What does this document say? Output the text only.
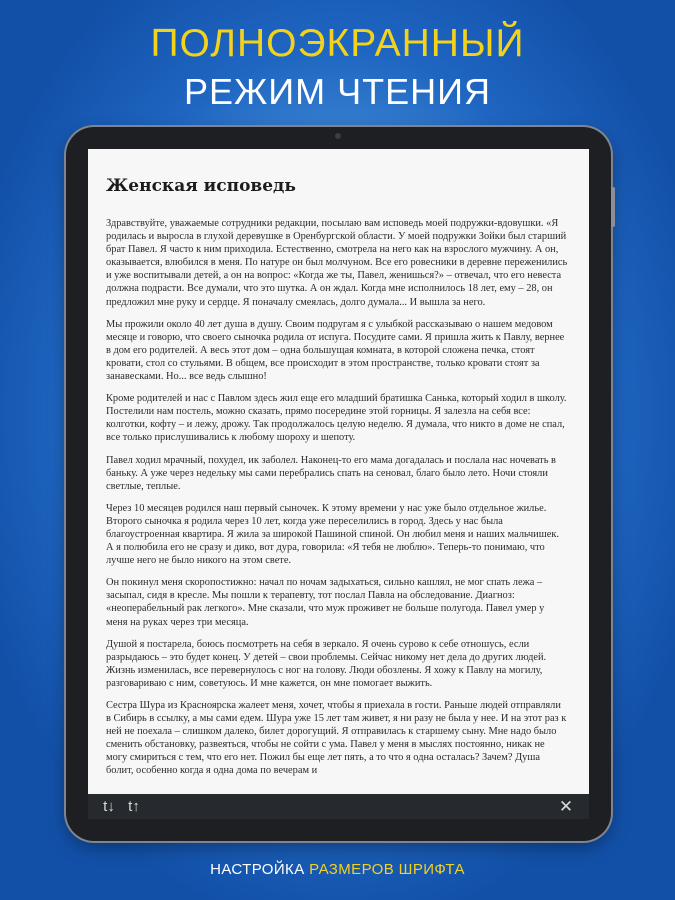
ПОЛНОЭКРАННЫЙ
РЕЖИМ ЧТЕНИЯ
Женская исповедь

Здравствуйте, уважаемые сотрудники редакции, посылаю вам исповедь моей подружки-вдовушки. «Я родилась и выросла в глухой деревушке в Оренбургской области. У моей подружки Зойки был старший брат Павел. Я часто к ним приходила. Естественно, смотрела на него как на взрослого мужчину. А он, оказывается, влюбился в меня. По натуре он был молчуном. Все его ровесники в деревне переженились и уже воспитывали детей, а он на вопрос: «Когда же ты, Павел, женишься?» – отвечал, что его невеста должна подрасти. Все думали, что это шутка. А он ждал. Когда мне исполнилось 18 лет, ему – 28, он предложил мне руку и сердце. Я поначалу смеялась, долго думала... И вышла за него.

Мы прожили около 40 лет душа в душу. Своим подругам я с улыбкой рассказываю о нашем медовом месяце и говорю, что своего сыночка родила от испуга. Посудите сами. Я пришла жить к Павлу, вернее в дом его родителей. А весь этот дом – одна большущая комната, в которой сложена печка, стоят кровати, стол со стульями. В общем, все происходит в этом пространстве, только кровати стоят за занавесками. Но... все ведь слышно!

Кроме родителей и нас с Павлом здесь жил еще его младший братишка Санька, который ходил в школу. Постелили нам постель, можно сказать, прямо посередине этой горницы. Я залезла на себя все: колготки, кофту – и лежу, дрожу. Так продолжалось целую неделю. Я думала, что никто в доме не спал, все только прислушивались к любому шороху и шепоту.

Павел ходил мрачный, похудел, ик заболел. Наконец-то его мама догадалась и послала нас ночевать в баньку. А уже через недельку мы сами перебрались спать на сеновал, благо было лето. Ночи стояли светлые, теплые.

Через 10 месяцев родился наш первый сыночек. К этому времени у нас уже было отдельное жилье. Второго сыночка я родила через 10 лет, когда уже переселились в город. Здесь у нас была благоустроенная квартира. Я жила за широкой Пашиной спиной. Он любил меня и наших мальчишек. А я полюбила его не сразу и дико, вот дура, говорила: «Я тебя не люблю». Теперь-то понимаю, что лучше него не было никого на этом свете.

Он покинул меня скоропостижно: начал по ночам задыхаться, сильно кашлял, не мог спать лежа – засыпал, сидя в кресле. Мы пошли к терапевту, тот послал Павла на обследование. Диагноз: «неоперабельный рак легкого». Мне сказали, что муж проживет не больше полугода. Павел умер у меня на руках через три месяца.

Душой я постарела, боюсь посмотреть на себя в зеркало. Я очень сурово к себе отношусь, если разрыдаюсь – это будет конец. У детей – свои проблемы. Сейчас никому нет дела до других людей. Жизнь изменилась, все перевернулось с ног на голову. Люди обозлены. Я хожу к Павлу на могилу, разговариваю с ним, советуюсь. И мне кажется, он мне помогает выжить.

Сестра Шура из Красноярска жалеет меня, хочет, чтобы я приехала в гости. Раньше людей отправляли в Сибирь в ссылку, а мы сами едем. Шура уже 15 лет там живет, я ни разу не была у нее. И на этот раз к ней не поехала – слишком далеко, билет дорогущий. Я отправилась к старшему сыну. Мне надо было сменить обстановку, развеяться, чтобы не сойти с ума. Павел у меня в мыслях постоянно, никак не могу смириться с тем, что его нет. Пожил бы еще лет пять, а то что я одна осталась? Зачем? Душа болит, особенно когда я одна дома по вечерам и

t↓ t↑	✕
НАСТРОЙКА РАЗМЕРОВ ШРИФТА
